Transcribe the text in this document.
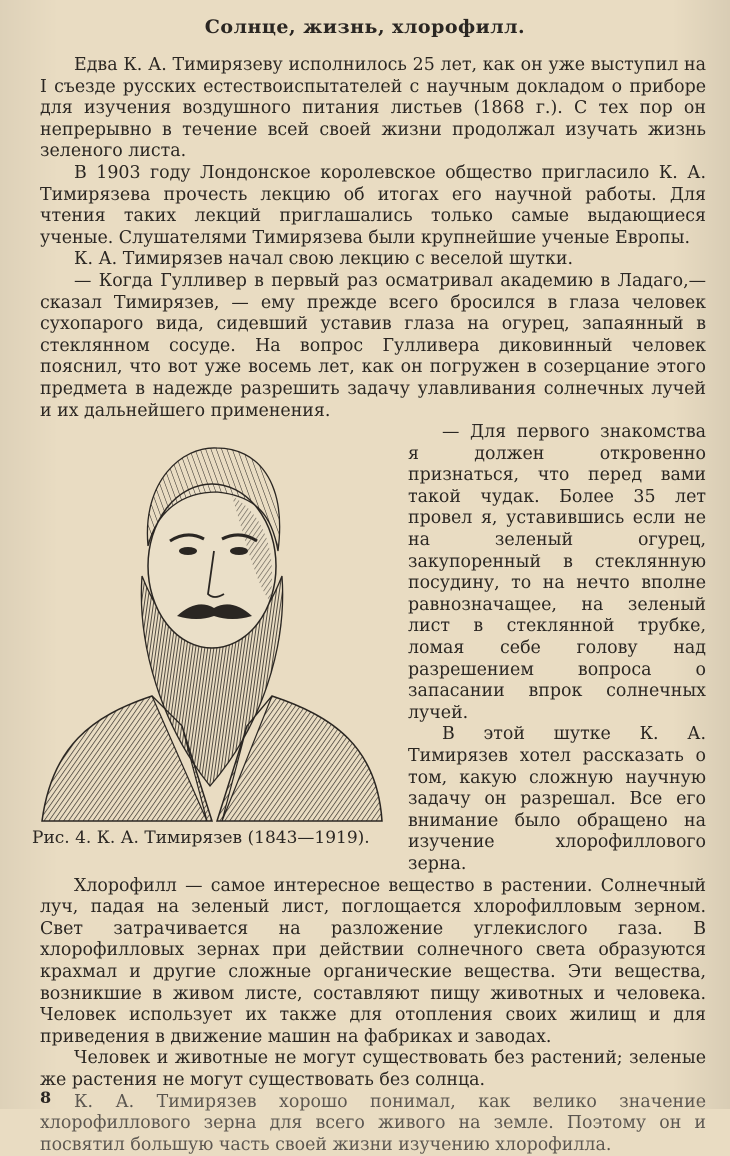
Солнце, жизнь, хлорофилл.

Едва К. А. Тимирязеву исполнилось 25 лет, как он уже выступил на I съезде русских естествоиспытателей с научным докладом о приборе для изучения воздушного питания листьев (1868 г.). С тех пор он непрерывно в течение всей своей жизни продолжал изучать жизнь зеленого листа.

В 1903 году Лондонское королевское общество пригласило К. А. Тимирязева прочесть лекцию об итогах его научной работы. Для чтения таких лекций приглашались только самые выдающиеся ученые. Слушателями Тимирязева были крупнейшие ученые Европы.

К. А. Тимирязев начал свою лекцию с веселой шутки.

— Когда Гулливер в первый раз осматривал академию в Ладаго,— сказал Тимирязев, — ему прежде всего бросился в глаза человек сухопарого вида, сидевший уставив глаза на огурец, запаянный в стеклянном сосуде. На вопрос Гулливера диковинный человек пояснил, что вот уже восемь лет, как он погружен в созерцание этого предмета в надежде разрешить задачу улавливания солнечных лучей и их дальнейшего применения.

Рис. 4. К. А. Тимирязев (1843—1919).

— Для первого знакомства я должен откровенно признаться, что перед вами такой чудак. Более 35 лет провел я, уставившись если не на зеленый огурец, закупоренный в стеклянную посудину, то на нечто вполне равнозначащее, на зеленый лист в стеклянной трубке, ломая себе голову над разрешением вопроса о запасании впрок солнечных лучей.

В этой шутке К. А. Тимирязев хотел рассказать о том, какую сложную научную задачу он разрешал. Все его внимание было обращено на изучение хлорофиллового зерна.

Хлорофилл — самое интересное вещество в растении. Солнечный луч, падая на зеленый лист, поглощается хлорофилловым зерном. Свет затрачивается на разложение углекислого газа. В хлорофилловых зернах при действии солнечного света образуются крахмал и другие сложные органические вещества. Эти вещества, возникшие в живом листе, составляют пищу животных и человека. Человек использует их также для отопления своих жилищ и для приведения в движение машин на фабриках и заводах.

Человек и животные не могут существовать без растений; зеленые же растения не могут существовать без солнца.

К. А. Тимирязев хорошо понимал, как велико значение хлорофиллового зерна для всего живого на земле. Поэтому он и посвятил большую часть своей жизни изучению хлорофилла.

8
